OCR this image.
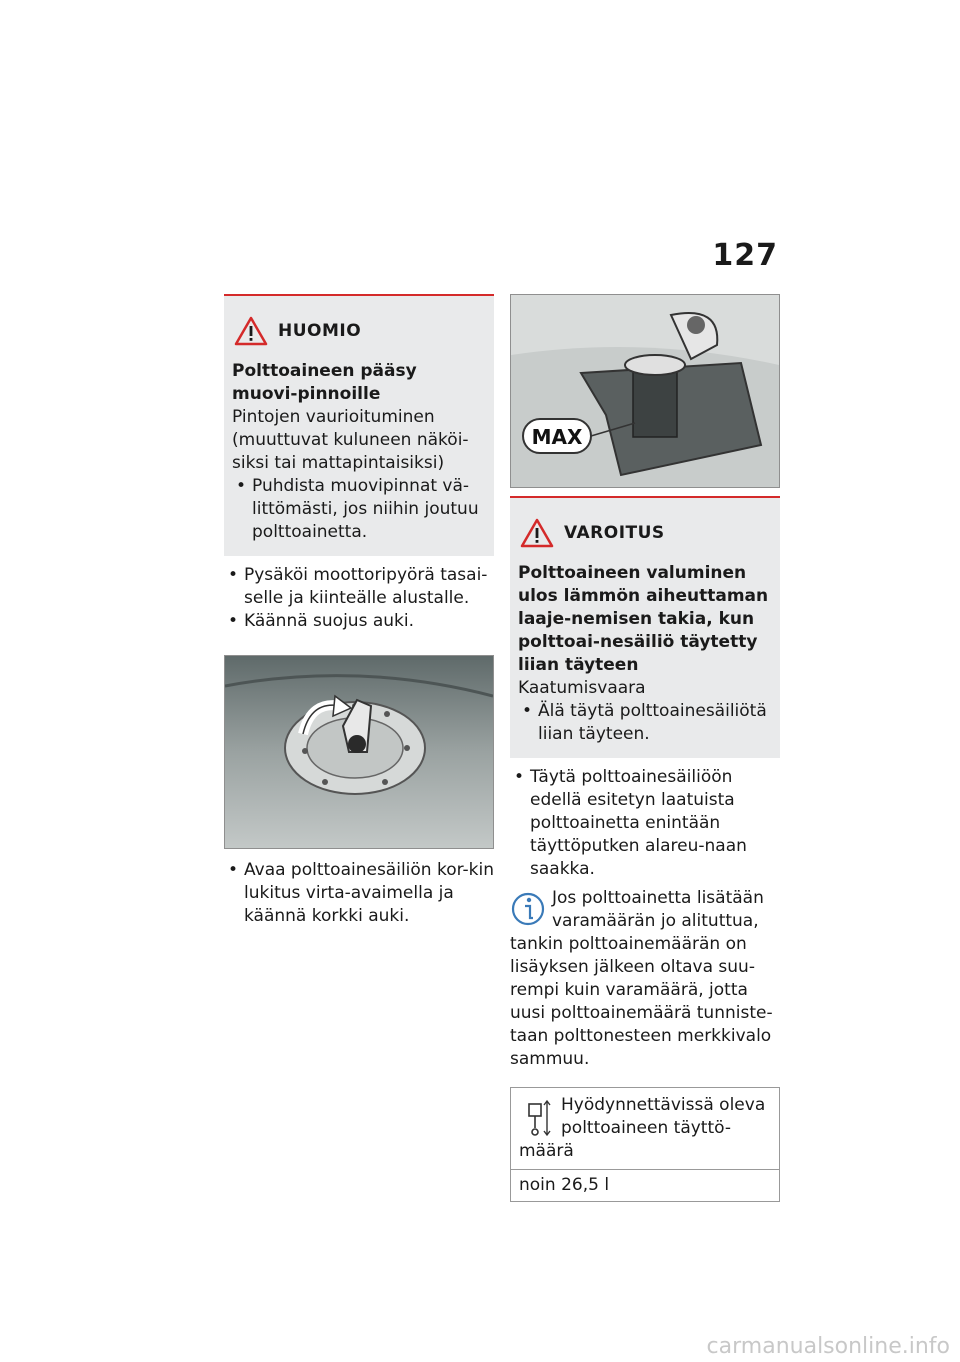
127
HUOMIO
Polttoaineen pääsy muovi-pinnoille
Pintojen vaurioituminen (muuttuvat kuluneen näköi-siksi tai mattapintaisiksi)
• Puhdista muovipinnat vä-littömästi, jos niihin joutuu polttoainetta.
• Pysäköi moottoripyörä tasai-selle ja kiinteälle alustalle.
• Käännä suojus auki.
• Avaa polttoainesäiliön kor-kin lukitus virta-avaimella ja käännä korkki auki.
MAX
VAROITUS
Polttoaineen valuminen ulos lämmön aiheuttaman laaje-nemisen takia, kun polttoai-nesäiliö täytetty liian täyteen
Kaatumisvaara
• Älä täytä polttoainesäiliötä liian täyteen.
• Täytä polttoainesäiliöön edellä esitetyn laatuista polttoainetta enintään täyttöputken alareu-naan saakka.
Jos polttoainetta lisätään varamäärän jo alituttua, tankin polttoainemäärän on lisäyksen jälkeen oltava suu-rempi kuin varamäärä, jotta uusi polttoainemäärä tunniste-taan polttonesteen merkkivalo sammuu.
Hyödynnettävissä oleva polttoaineen täyttö-määrä
noin 26,5 l
carmanualsonline.info
